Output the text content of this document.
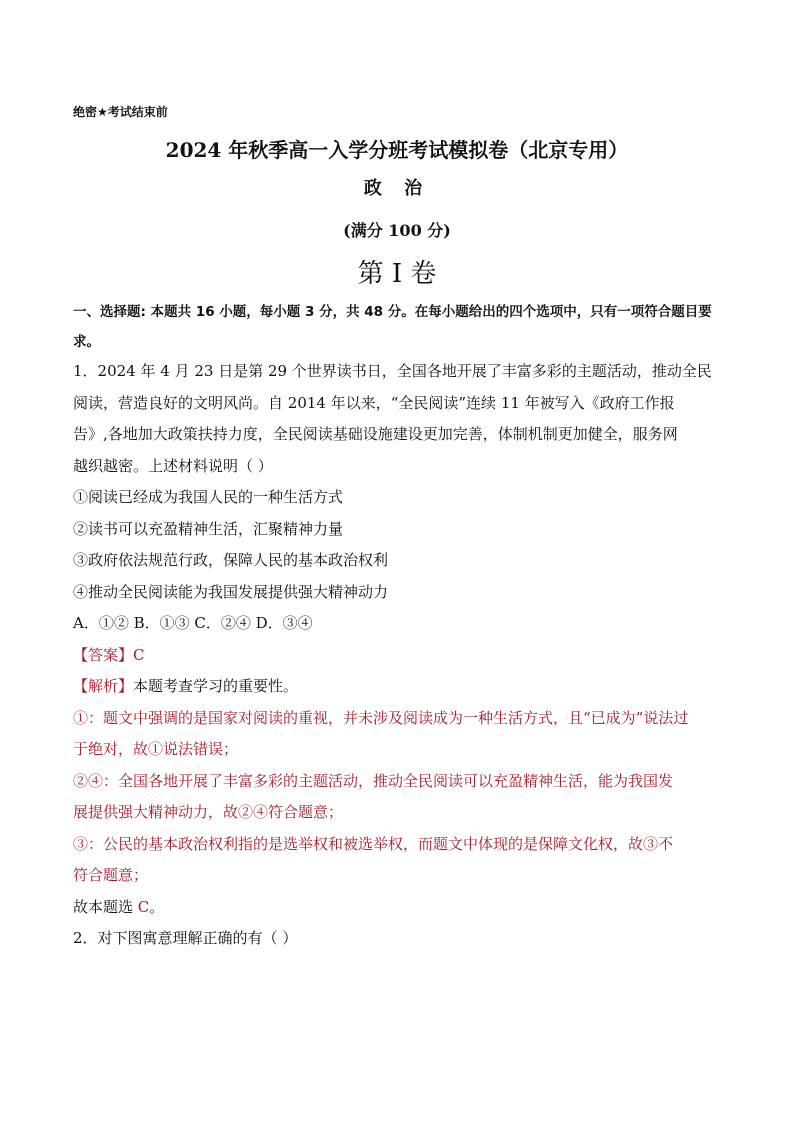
绝密★考试结束前
2024 年秋季高一入学分班考试模拟卷（北京专用）
政 治
(满分 100 分)
第 I 卷
一、选择题: 本题共 16 小题，每小题 3 分，共 48 分。在每小题给出的四个选项中，只有一项符合题目要
求。
1．2024 年 4 月 23 日是第 29 个世界读书日，全国各地开展了丰富多彩的主题活动，推动全民
阅读，营造良好的文明风尚。自 2014 年以来，“全民阅读”连续 11 年被写入《政府工作报
告》,各地加大政策扶持力度，全民阅读基础设施建设更加完善，体制机制更加健全，服务网
越织越密。上述材料说明（ ）
①阅读已经成为我国人民的一种生活方式
②读书可以充盈精神生活，汇聚精神力量
③政府依法规范行政，保障人民的基本政治权利
④推动全民阅读能为我国发展提供强大精神动力
A．①② B．①③ C．②④ D．③④
【答案】C
【解析】本题考查学习的重要性。
①：题文中强调的是国家对阅读的重视，并未涉及阅读成为一种生活方式，且“已成为”说法过
于绝对，故①说法错误；
②④：全国各地开展了丰富多彩的主题活动，推动全民阅读可以充盈精神生活，能为我国发
展提供强大精神动力，故②④符合题意；
③：公民的基本政治权利指的是选举权和被选举权，而题文中体现的是保障文化权，故③不
符合题意；
故本题选 C。
2．对下图寓意理解正确的有（ ）
